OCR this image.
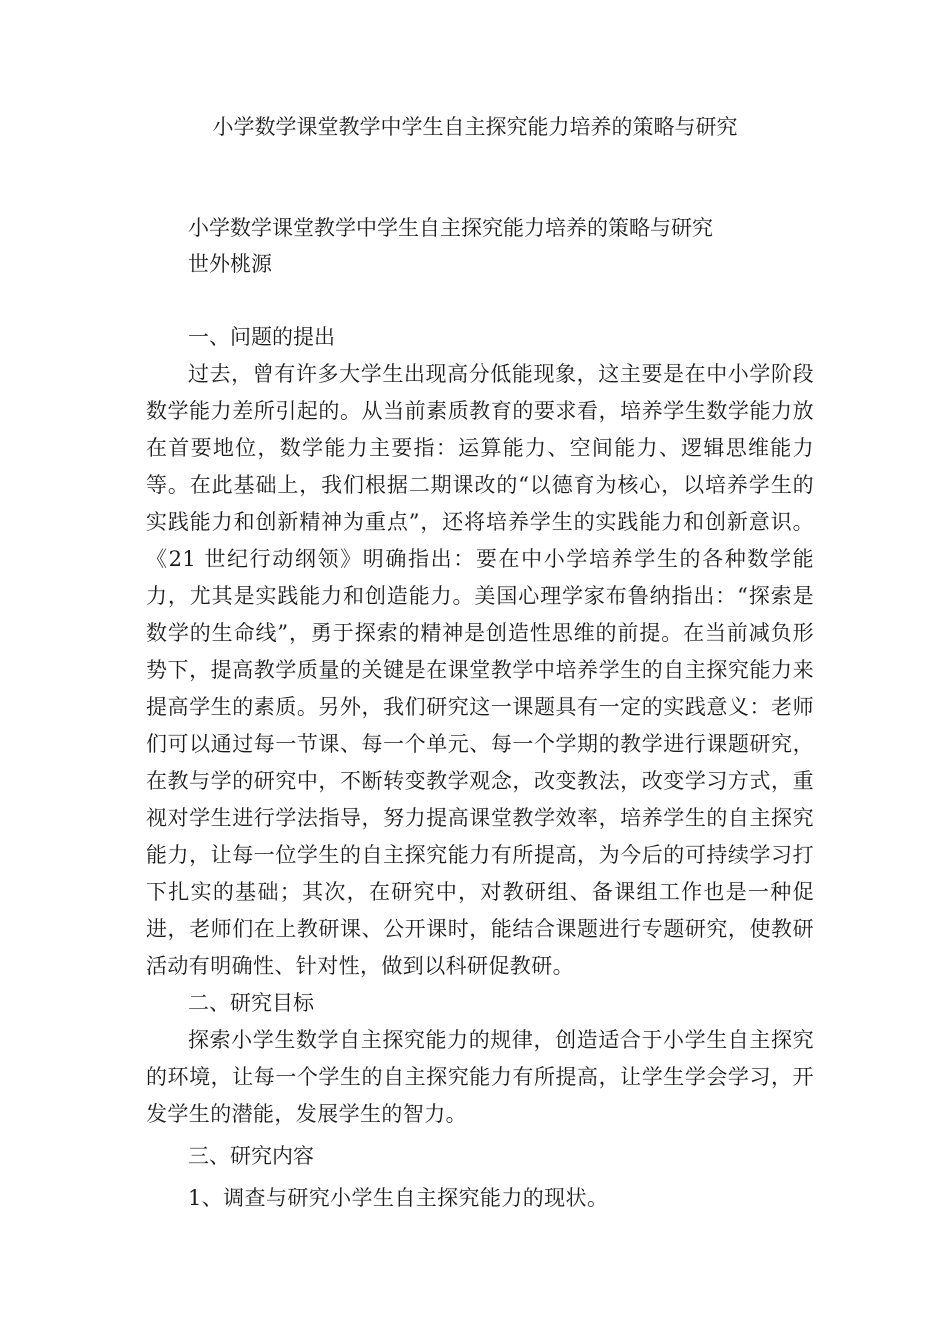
小学数学课堂教学中学生自主探究能力培养的策略与研究

小学数学课堂教学中学生自主探究能力培养的策略与研究

世外桃源

一、问题的提出

过去，曾有许多大学生出现高分低能现象，这主要是在中小学阶段数学能力差所引起的。从当前素质教育的要求看，培养学生数学能力放在首要地位，数学能力主要指：运算能力、空间能力、逻辑思维能力等。在此基础上，我们根据二期课改的“以德育为核心，以培养学生的实践能力和创新精神为重点”，还将培养学生的实践能力和创新意识。《21 世纪行动纲领》明确指出：要在中小学培养学生的各种数学能力，尤其是实践能力和创造能力。美国心理学家布鲁纳指出：“探索是数学的生命线”，勇于探索的精神是创造性思维的前提。在当前减负形势下，提高教学质量的关键是在课堂教学中培养学生的自主探究能力来提高学生的素质。另外，我们研究这一课题具有一定的实践意义：老师们可以通过每一节课、每一个单元、每一个学期的教学进行课题研究，在教与学的研究中，不断转变教学观念，改变教法，改变学习方式，重视对学生进行学法指导，努力提高课堂教学效率，培养学生的自主探究能力，让每一位学生的自主探究能力有所提高，为今后的可持续学习打下扎实的基础；其次，在研究中，对教研组、备课组工作也是一种促进，老师们在上教研课、公开课时，能结合课题进行专题研究，使教研活动有明确性、针对性，做到以科研促教研。

二、研究目标

探索小学生数学自主探究能力的规律，创造适合于小学生自主探究的环境，让每一个学生的自主探究能力有所提高，让学生学会学习，开发学生的潜能，发展学生的智力。

三、研究内容

1、调查与研究小学生自主探究能力的现状。
